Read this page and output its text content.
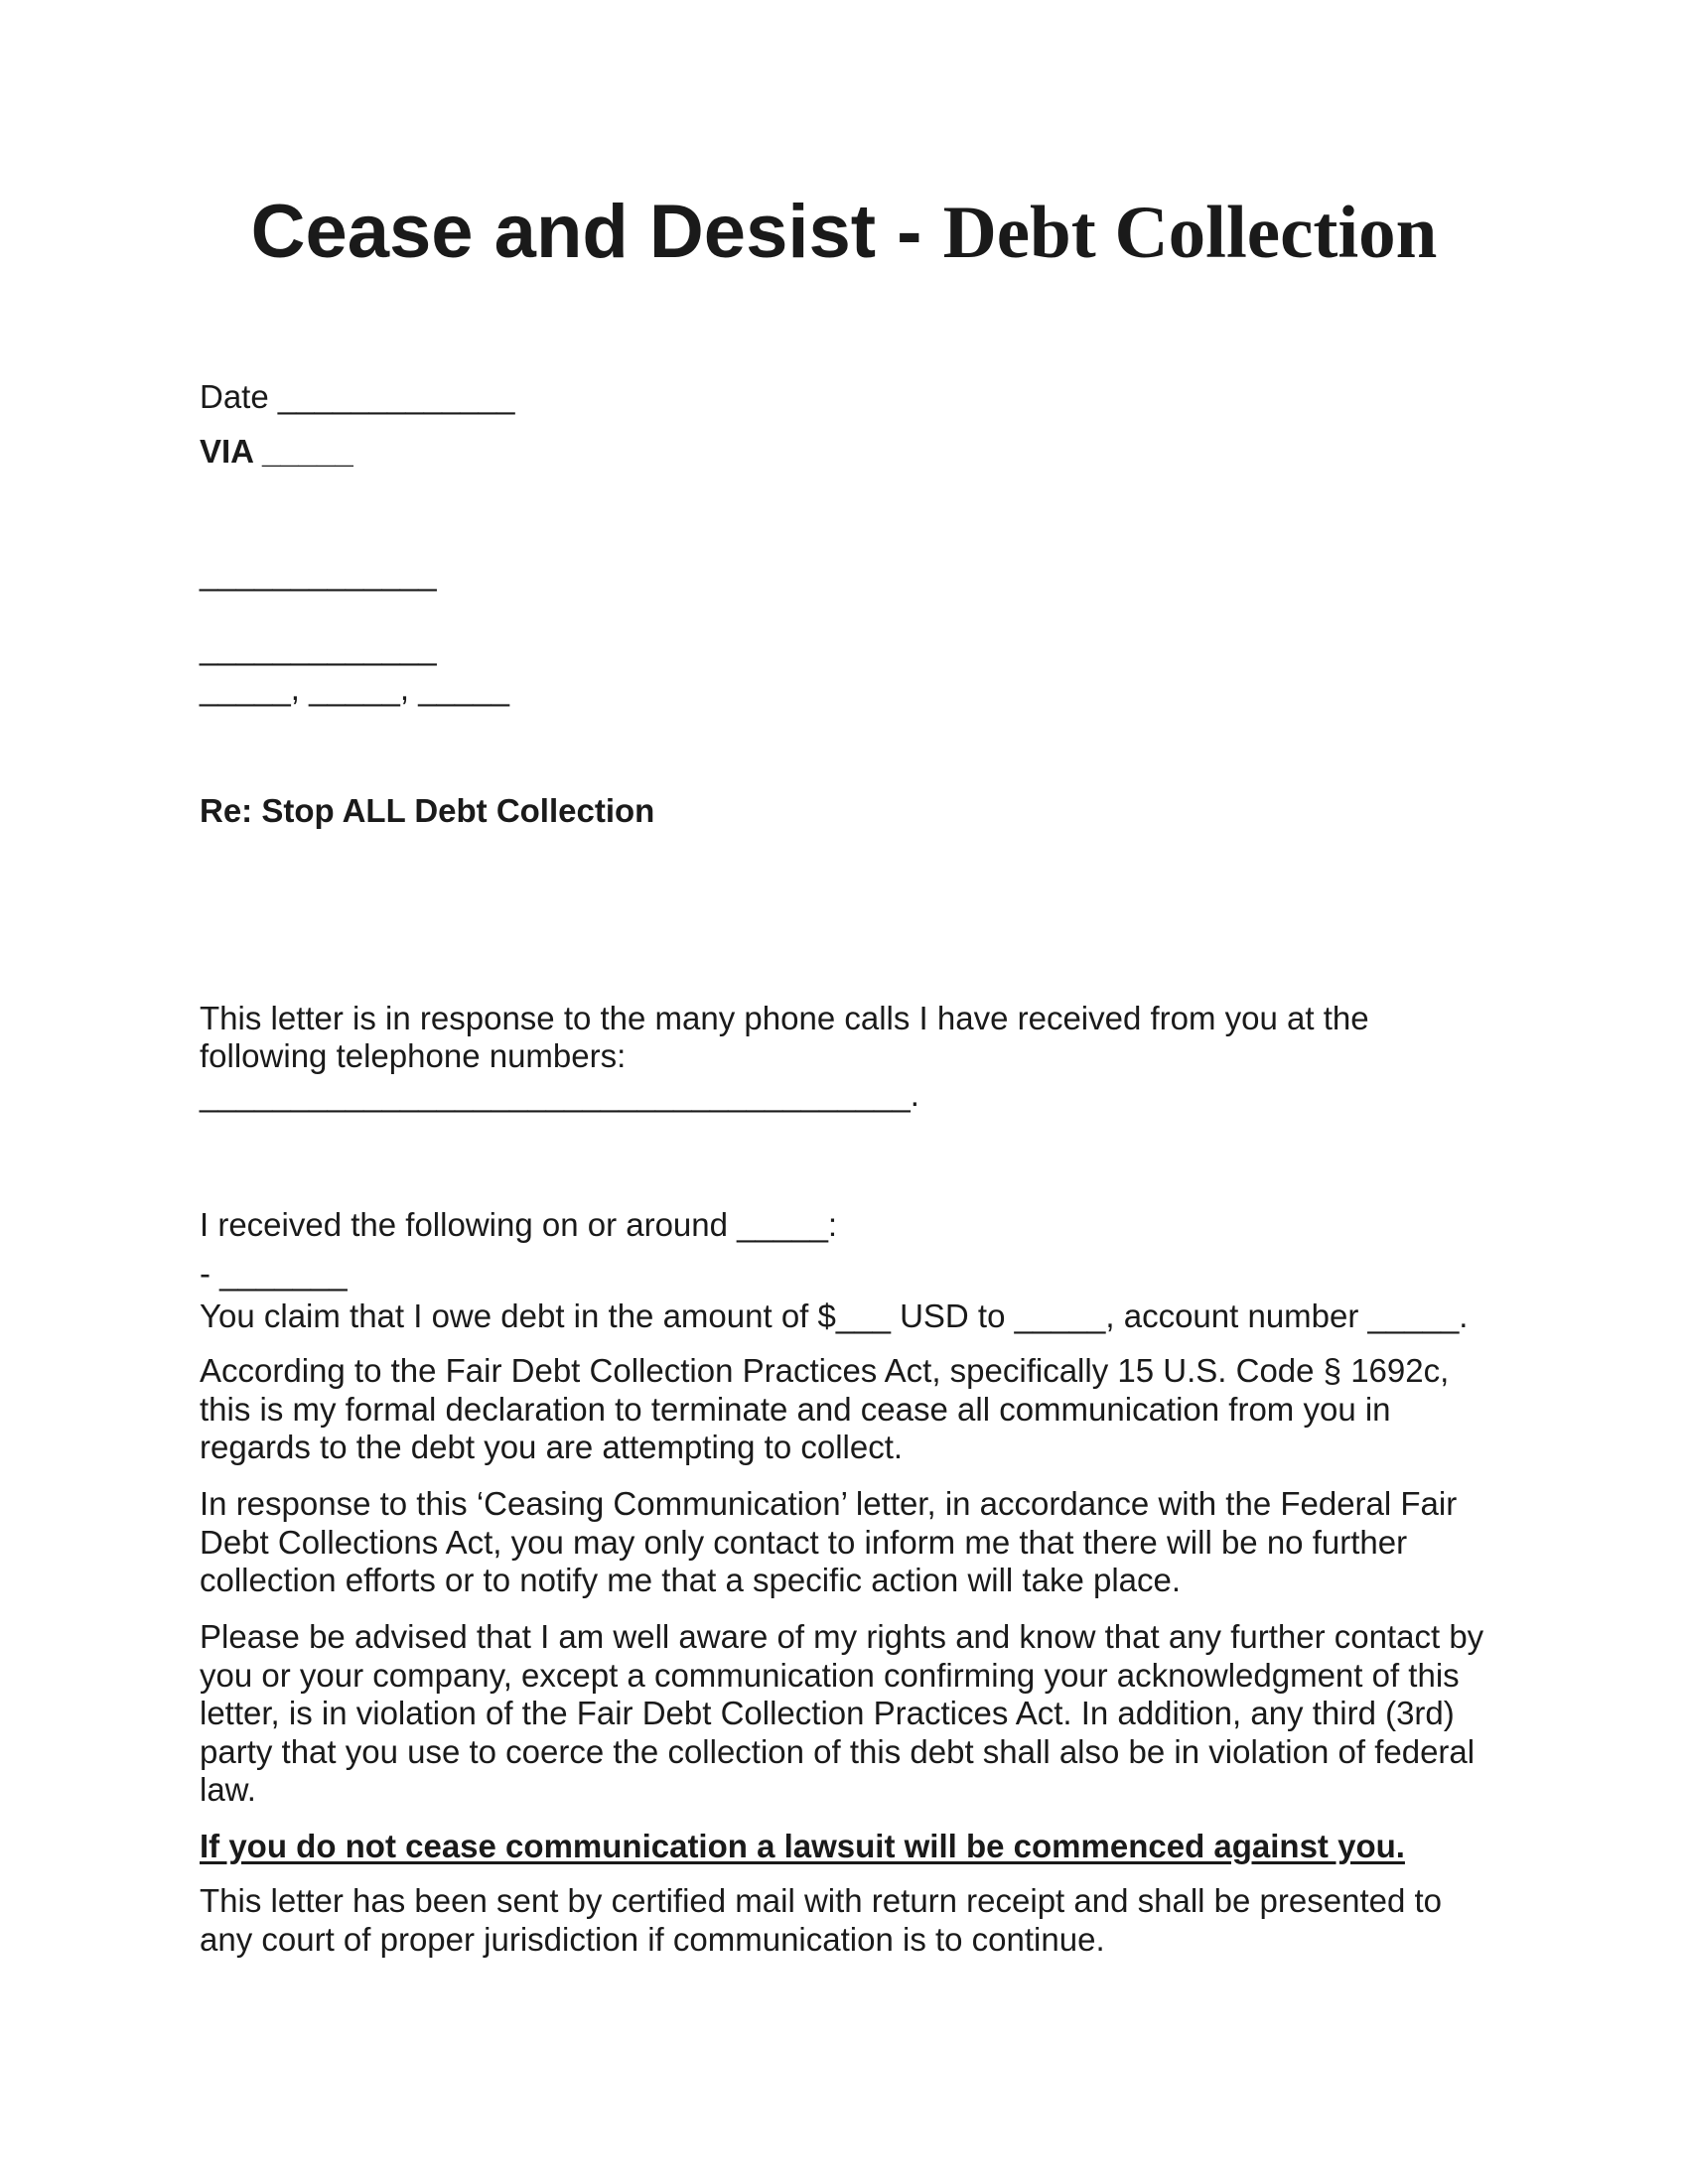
Cease and Desist - Debt Collection
Date _____________
VIA _____
_____________
_____________
_____, _____, _____
Re: Stop ALL Debt Collection
This letter is in response to the many phone calls I have received from you at the
following telephone numbers:
_______________________________________.
I received the following on or around _____:
- _______
You claim that I owe debt in the amount of $___ USD to _____, account number _____.
According to the Fair Debt Collection Practices Act, specifically 15 U.S. Code § 1692c, this is my formal declaration to terminate and cease all communication from you in regards to the debt you are attempting to collect.
In response to this ‘Ceasing Communication’ letter, in accordance with the Federal Fair Debt Collections Act, you may only contact to inform me that there will be no further collection efforts or to notify me that a specific action will take place.
Please be advised that I am well aware of my rights and know that any further contact by you or your company, except a communication confirming your acknowledgment of this letter, is in violation of the Fair Debt Collection Practices Act. In addition, any third (3rd) party that you use to coerce the collection of this debt shall also be in violation of federal law.
If you do not cease communication a lawsuit will be commenced against you.
This letter has been sent by certified mail with return receipt and shall be presented to any court of proper jurisdiction if communication is to continue.
